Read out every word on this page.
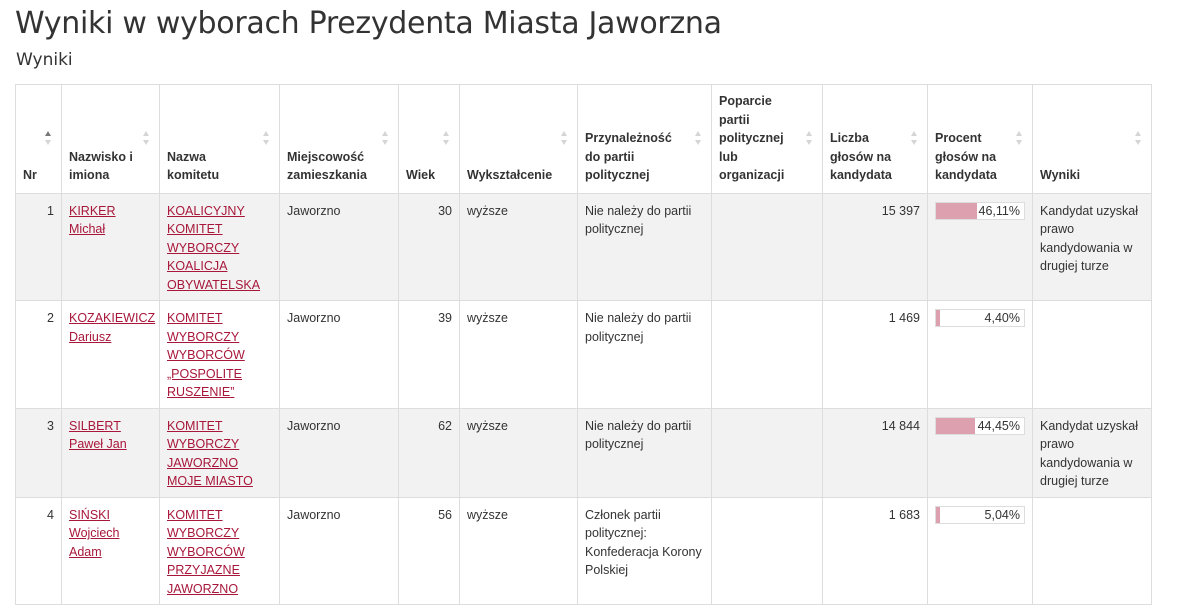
Wyniki w wyborach Prezydenta Miasta Jaworzna
Wyniki
Nr	Nazwisko i imiona	Nazwa komitetu	Miejscowość zamieszkania	Wiek	Wykształcenie	Przynależność do partii politycznej	Poparcie partii politycznej lub organizacji	Liczba głosów na kandydata	Procent głosów na kandydata	Wyniki

1	KIRKER Michał	KOALICYJNY KOMITET WYBORCZY KOALICJA OBYWATELSKA	Jaworzno	30	wyższe	Nie należy do partii politycznej		15 397	46,11%	Kandydat uzyskał prawo kandydowania w drugiej turze
2	KOZAKIEWICZ Dariusz	KOMITET WYBORCZY WYBORCÓW „POSPOLITE RUSZENIE”	Jaworzno	39	wyższe	Nie należy do partii politycznej		1 469	4,40%	

3	SILBERT Paweł Jan	KOMITET WYBORCZY JAWORZNO MOJE MIASTO	Jaworzno	62	wyższe	Nie należy do partii politycznej		14 844	44,45%	Kandydat uzyskał prawo kandydowania w drugiej turze
4	SIŃSKI Wojciech Adam	KOMITET WYBORCZY WYBORCÓW PRZYJAZNE JAWORZNO	Jaworzno	56	wyższe	Członek partii politycznej: Konfederacja Korony Polskiej		1 683	5,04%	
